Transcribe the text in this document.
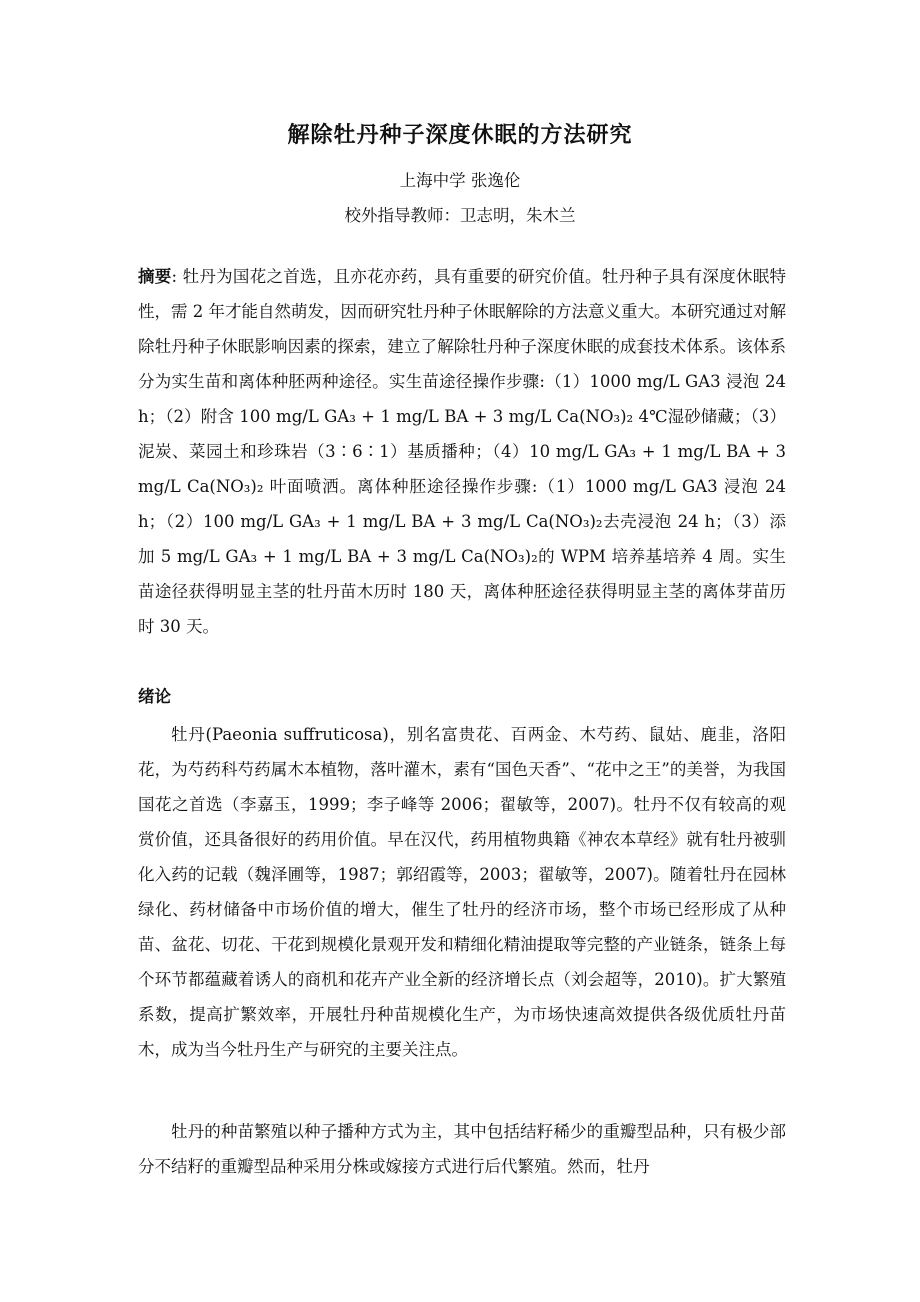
解除牡丹种子深度休眠的方法研究
上海中学 张逸伦
校外指导教师：卫志明，朱木兰

摘要: 牡丹为国花之首选，且亦花亦药，具有重要的研究价值。牡丹种子具有深度休眠特性，需 2 年才能自然萌发，因而研究牡丹种子休眠解除的方法意义重大。本研究通过对解除牡丹种子休眠影响因素的探索，建立了解除牡丹种子深度休眠的成套技术体系。该体系分为实生苗和离体种胚两种途径。实生苗途径操作步骤:（1）1000 mg/L GA3 浸泡 24 h；（2）附含 100 mg/L GA₃ + 1 mg/L BA + 3 mg/L Ca(NO₃)₂ 4℃湿砂储藏；（3）泥炭、菜园土和珍珠岩（3∶6∶1）基质播种；（4）10 mg/L GA₃ + 1 mg/L BA + 3 mg/L Ca(NO₃)₂ 叶面喷洒。离体种胚途径操作步骤:（1）1000 mg/L GA3 浸泡 24 h；（2）100 mg/L GA₃ + 1 mg/L BA + 3 mg/L Ca(NO₃)₂去壳浸泡 24 h；（3）添加 5 mg/L GA₃ + 1 mg/L BA + 3 mg/L Ca(NO₃)₂的 WPM 培养基培养 4 周。实生苗途径获得明显主茎的牡丹苗木历时 180 天，离体种胚途径获得明显主茎的离体芽苗历时 30 天。

绪论

牡丹(Paeonia suffruticosa)，别名富贵花、百两金、木芍药、鼠姑、鹿韭，洛阳花，为芍药科芍药属木本植物，落叶灌木，素有“国色天香”、“花中之王”的美誉，为我国国花之首选（李嘉玉，1999；李子峰等 2006；翟敏等，2007)。牡丹不仅有较高的观赏价值，还具备很好的药用价值。早在汉代，药用植物典籍《神农本草经》就有牡丹被驯化入药的记载（魏泽圃等，1987；郭绍霞等，2003；翟敏等，2007)。随着牡丹在园林绿化、药材储备中市场价值的增大，催生了牡丹的经济市场，整个市场已经形成了从种苗、盆花、切花、干花到规模化景观开发和精细化精油提取等完整的产业链条，链条上每个环节都蕴藏着诱人的商机和花卉产业全新的经济增长点（刘会超等，2010)。扩大繁殖系数，提高扩繁效率，开展牡丹种苗规模化生产，为市场快速高效提供各级优质牡丹苗木，成为当今牡丹生产与研究的主要关注点。

牡丹的种苗繁殖以种子播种方式为主，其中包括结籽稀少的重瓣型品种，只有极少部分不结籽的重瓣型品种采用分株或嫁接方式进行后代繁殖。然而，牡丹
